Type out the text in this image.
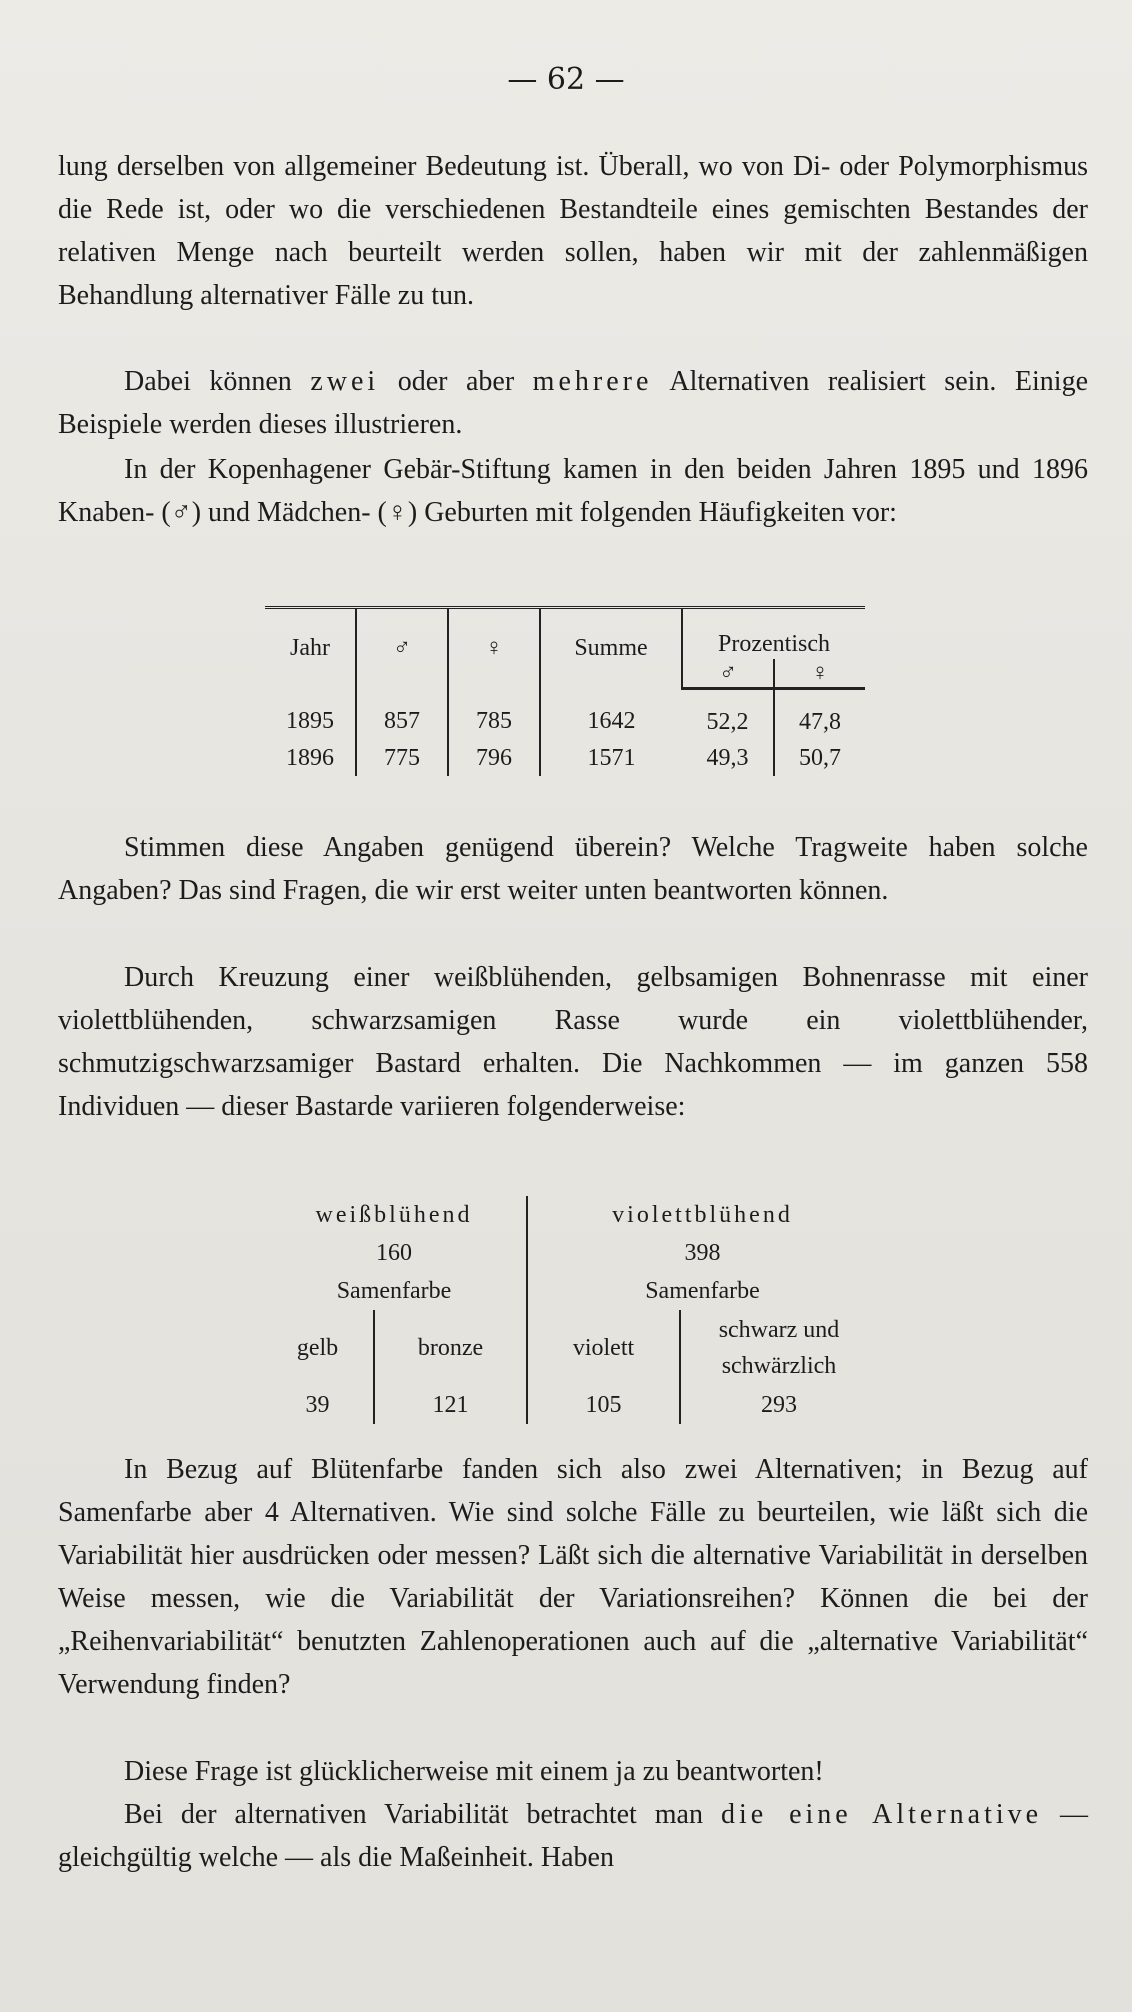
— 62 —
lung derselben von allgemeiner Bedeutung ist. Überall, wo von Di- oder Polymorphismus die Rede ist, oder wo die verschiedenen Bestandteile eines gemischten Bestandes der relativen Menge nach beurteilt werden sollen, haben wir mit der zahlenmäßigen Behandlung alternativer Fälle zu tun.
Dabei können zwei oder aber mehrere Alternativen realisiert sein. Einige Beispiele werden dieses illustrieren.
In der Kopenhagener Gebär-Stiftung kamen in den beiden Jahren 1895 und 1896 Knaben- (♂) und Mädchen- (♀) Geburten mit folgenden Häufigkeiten vor:
Jahr	♂	♀	Summe	Prozentisch	
				♂	♀
1895	857	785	1642	52,2	47,8
1896	775	796	1571	49,3	50,7
Stimmen diese Angaben genügend überein? Welche Tragweite haben solche Angaben? Das sind Fragen, die wir erst weiter unten beantworten können.
Durch Kreuzung einer weißblühenden, gelbsamigen Bohnenrasse mit einer violettblühenden, schwarzsamigen Rasse wurde ein violettblühender, schmutzigschwarzsamiger Bastard erhalten. Die Nachkommen — im ganzen 558 Individuen — dieser Bastarde variieren folgenderweise:
weißblühend		violettblühend	
160		398	
Samenfarbe		Samenfarbe	
gelb	bronze	violett	schwarz und
schwärzlich
39	121	105	293
In Bezug auf Blütenfarbe fanden sich also zwei Alternativen; in Bezug auf Samenfarbe aber 4 Alternativen. Wie sind solche Fälle zu beurteilen, wie läßt sich die Variabilität hier ausdrücken oder messen? Läßt sich die alternative Variabilität in derselben Weise messen, wie die Variabilität der Variationsreihen? Können die bei der „Reihenvariabilität“ benutzten Zahlenoperationen auch auf die „alternative Variabilität“ Verwendung finden?
Diese Frage ist glücklicherweise mit einem ja zu beantworten!
Bei der alternativen Variabilität betrachtet man die eine Alternative — gleichgültig welche — als die Maßeinheit. Haben
